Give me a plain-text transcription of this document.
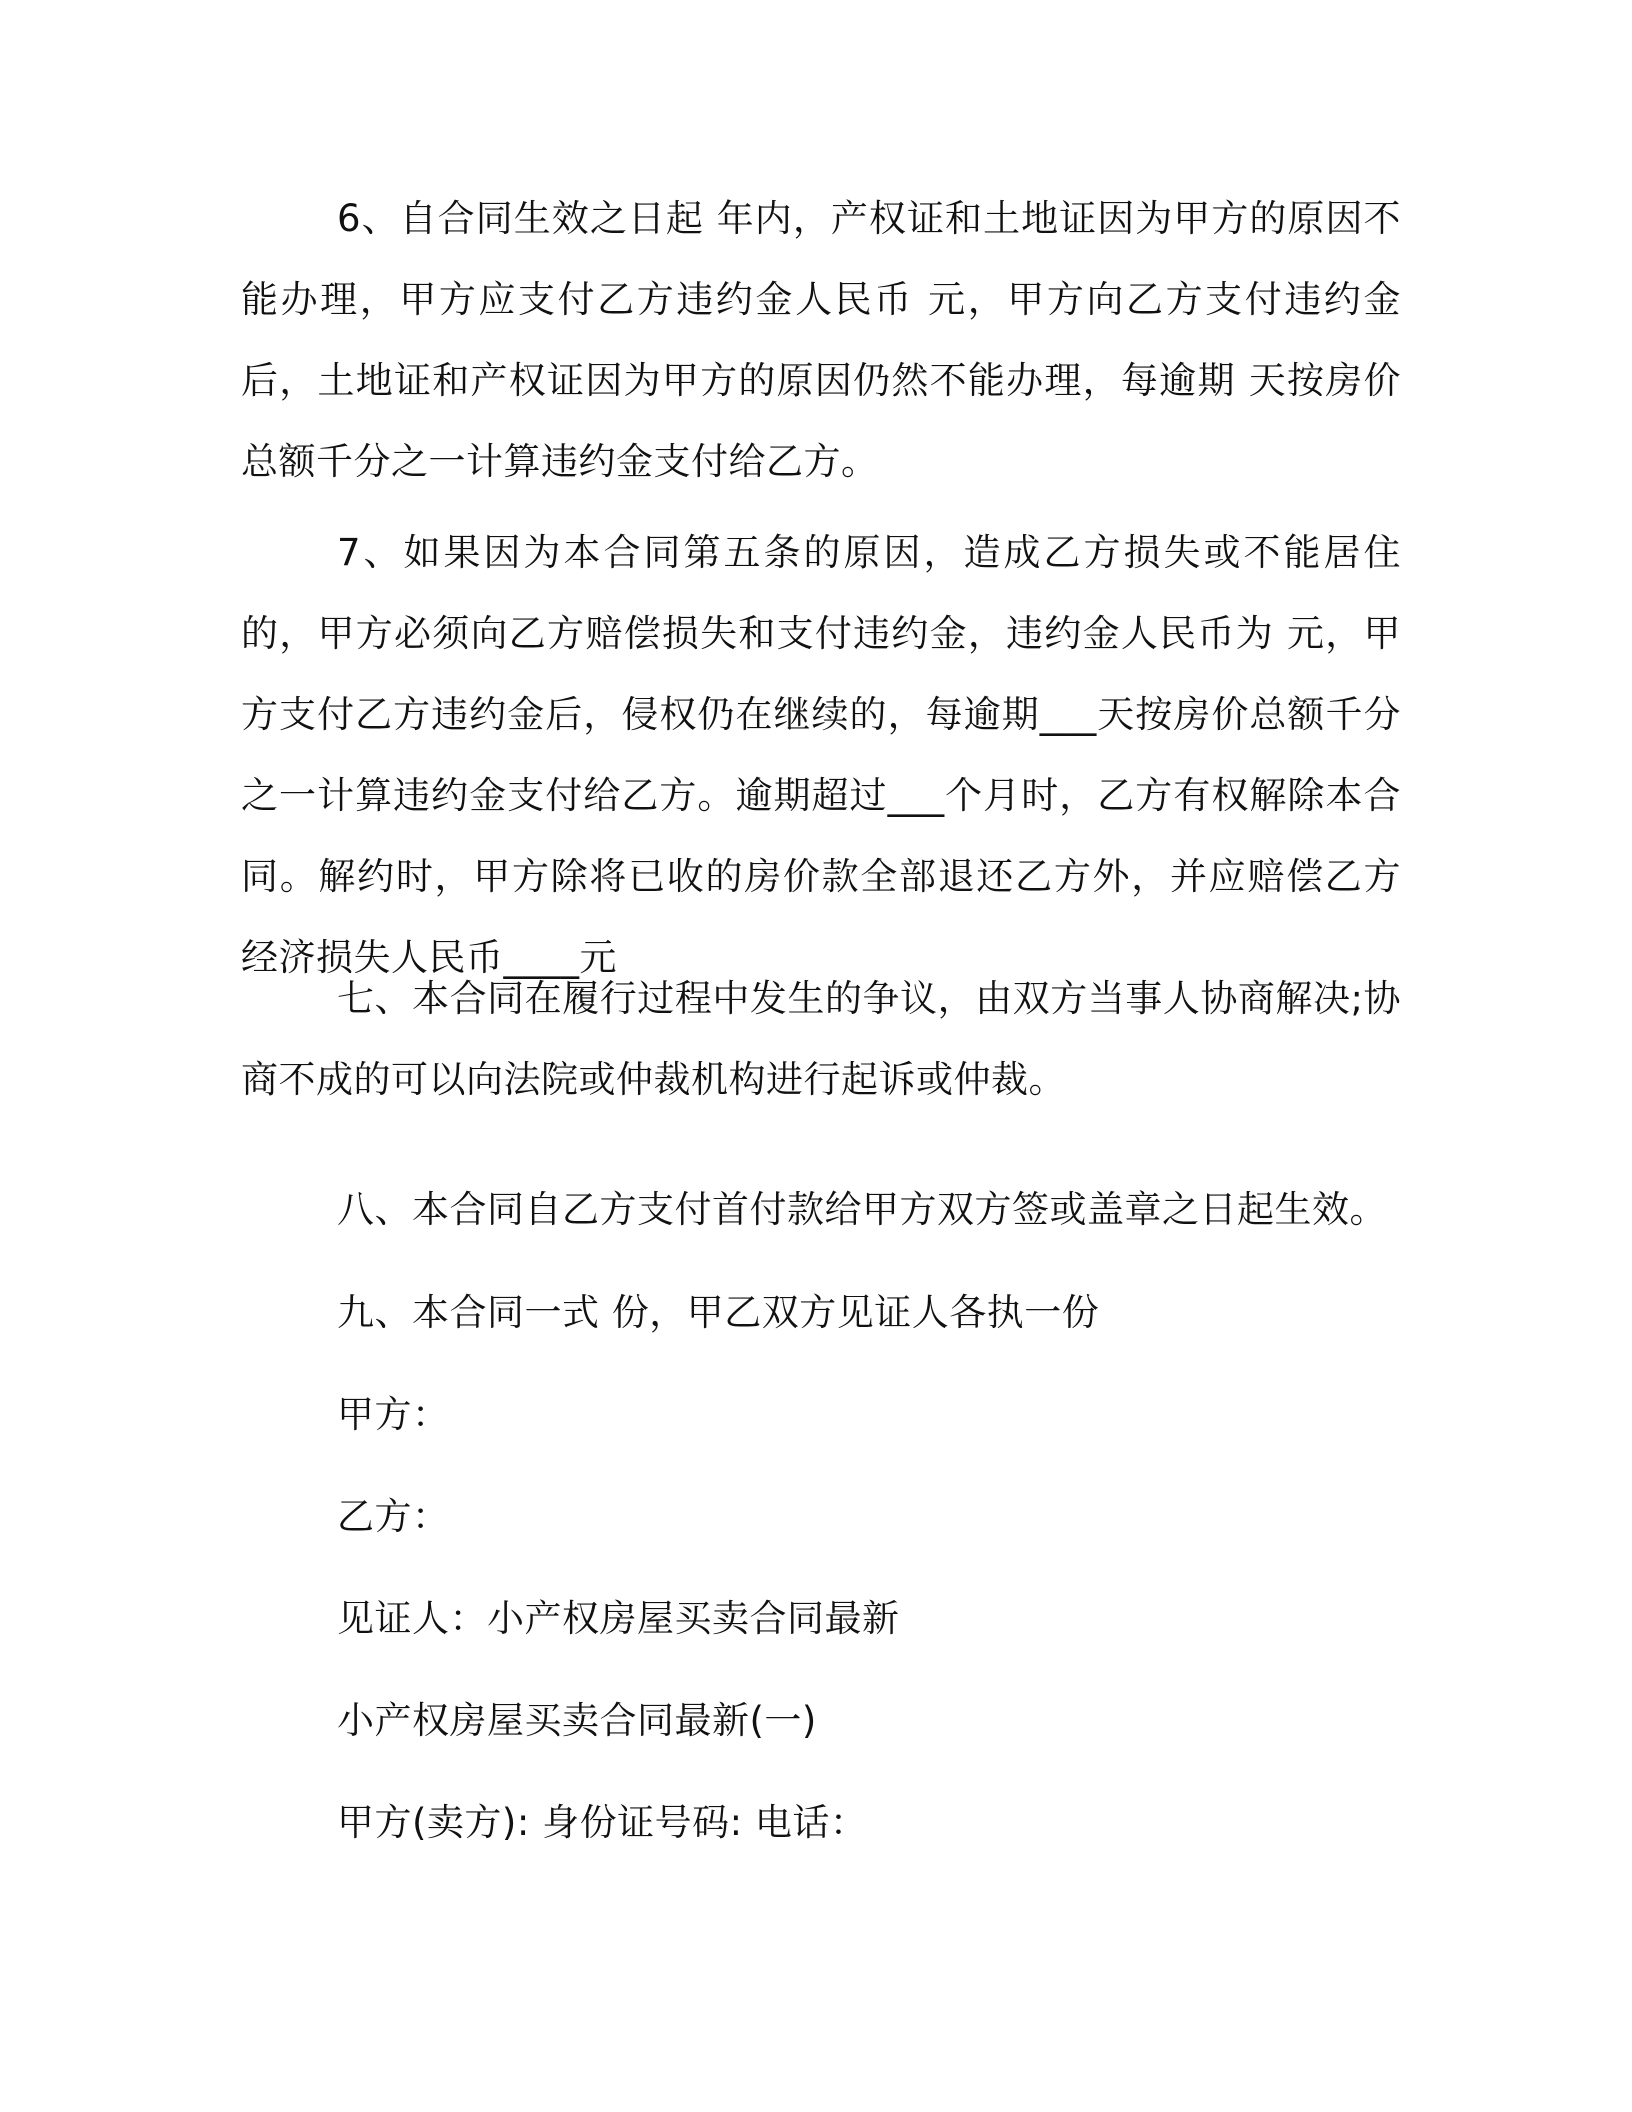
6、自合同生效之日起 年内，产权证和土地证因为甲方的原因不能办理，甲方应支付乙方违约金人民币 元，甲方向乙方支付违约金后，土地证和产权证因为甲方的原因仍然不能办理，每逾期 天按房价总额千分之一计算违约金支付给乙方。

7、如果因为本合同第五条的原因，造成乙方损失或不能居住的，甲方必须向乙方赔偿损失和支付违约金，违约金人民币为 元，甲方支付乙方违约金后，侵权仍在继续的，每逾期___天按房价总额千分之一计算违约金支付给乙方。逾期超过___个月时，乙方有权解除本合同。解约时，甲方除将已收的房价款全部退还乙方外，并应赔偿乙方经济损失人民币____元

七、本合同在履行过程中发生的争议，由双方当事人协商解决;协商不成的可以向法院或仲裁机构进行起诉或仲裁。

八、本合同自乙方支付首付款给甲方双方签或盖章之日起生效。

九、本合同一式 份，甲乙双方见证人各执一份

甲方：

乙方：

见证人：小产权房屋买卖合同最新

小产权房屋买卖合同最新(一)

甲方(卖方): 身份证号码: 电话：
